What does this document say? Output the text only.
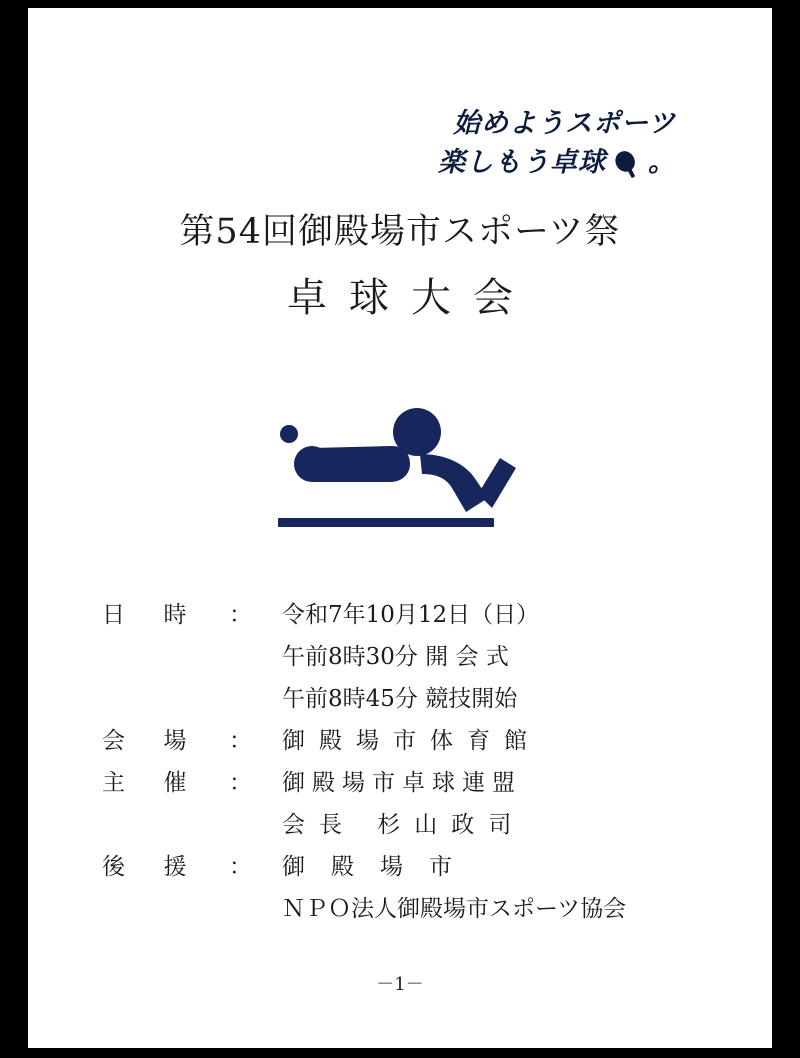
始めようスポーツ
楽しもう卓球 。
第54回御殿場市スポーツ祭
卓球大会
日 時 ：	令和7年10月12日（日）
午前8時30分 開 会 式
午前8時45分 競技開始
会 場 ：	御殿場市体育館
主 催 ：	御殿場市卓球連盟
会長 杉山政司
後 援 ：	御殿場市
ＮＰＯ法人御殿場市スポーツ協会
－1－
